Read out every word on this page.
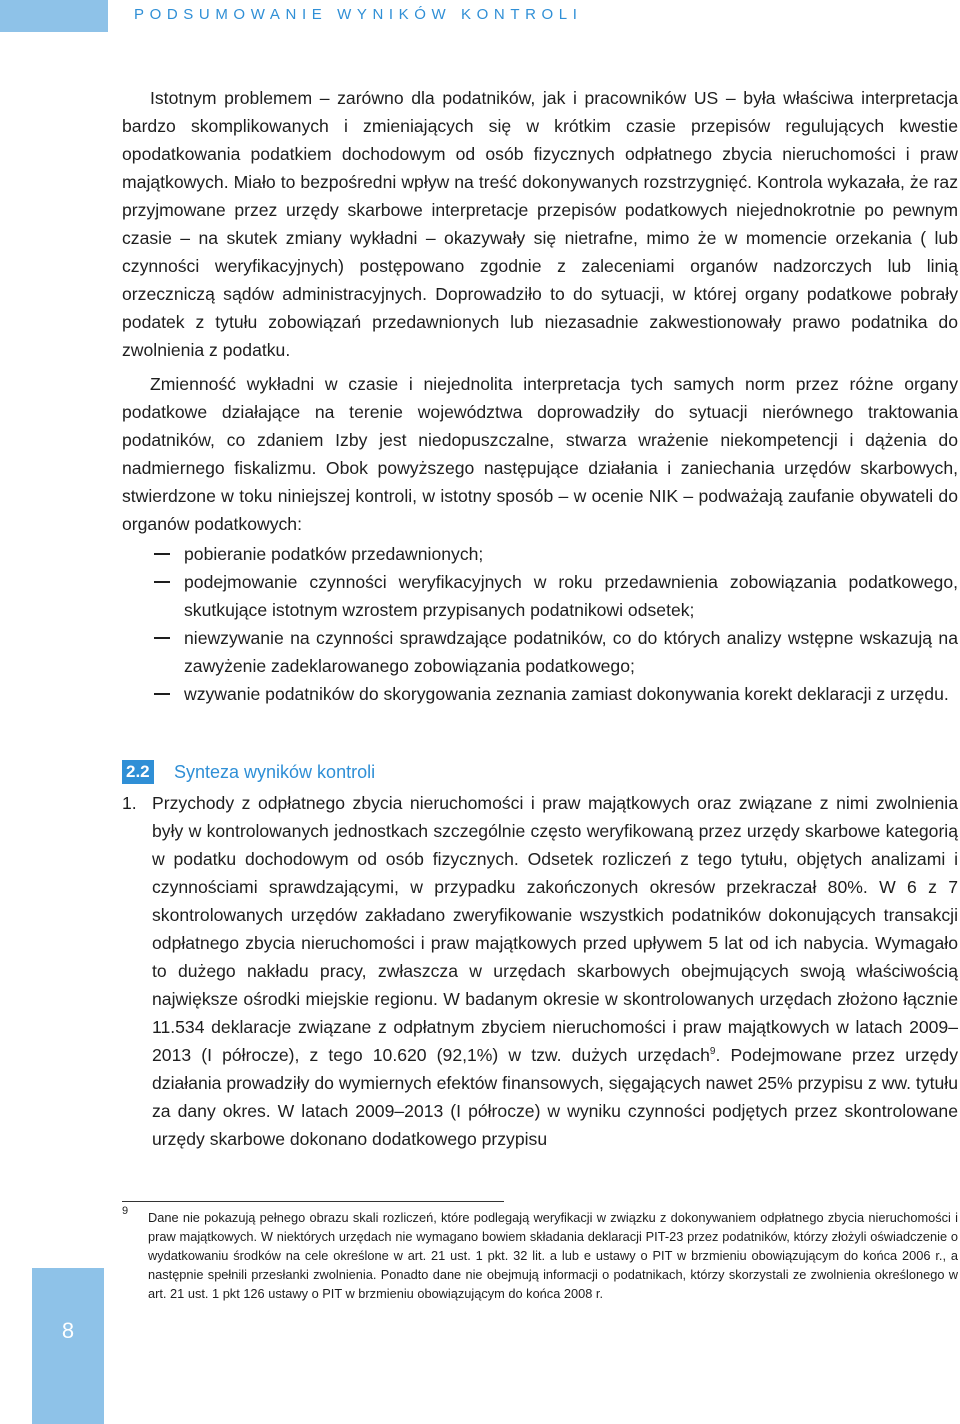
PODSUMOWANIE WYNIKÓW KONTROLI

Istotnym problemem – zarówno dla podatników, jak i pracowników US – była właściwa interpretacja bardzo skomplikowanych i zmieniających się w krótkim czasie przepisów regulujących kwestie opodatkowania podatkiem dochodowym od osób fizycznych odpłatnego zbycia nieruchomości i praw majątkowych. Miało to bezpośredni wpływ na treść dokonywanych rozstrzygnięć. Kontrola wykazała, że raz przyjmowane przez urzędy skarbowe interpretacje przepisów podatkowych niejednokrotnie po pewnym czasie – na skutek zmiany wykładni – okazywały się nietrafne, mimo że w momencie orzekania ( lub czynności weryfikacyjnych) postępowano zgodnie z zaleceniami organów nadzorczych lub linią orzeczniczą sądów administracyjnych. Doprowadziło to do sytuacji, w której organy podatkowe pobrały podatek z tytułu zobowiązań przedawnionych lub niezasadnie zakwestionowały prawo podatnika do zwolnienia z podatku.

Zmienność wykładni w czasie i niejednolita interpretacja tych samych norm przez różne organy podatkowe działające na terenie województwa doprowadziły do sytuacji nierównego traktowania podatników, co zdaniem Izby jest niedopuszczalne, stwarza wrażenie niekompetencji i dążenia do nadmiernego fiskalizmu. Obok powyższego następujące działania i zaniechania urzędów skarbowych, stwierdzone w toku niniejszej kontroli, w istotny sposób – w ocenie NIK – podważają zaufanie obywateli do organów podatkowych:

pobieranie podatków przedawnionych;
podejmowanie czynności weryfikacyjnych w roku przedawnienia zobowiązania podatkowego, skutkujące istotnym wzrostem przypisanych podatnikowi odsetek;
niewzywanie na czynności sprawdzające podatników, co do których analizy wstępne wskazują na zawyżenie zadeklarowanego zobowiązania podatkowego;
wzywanie podatników do skorygowania zeznania zamiast dokonywania korekt deklaracji z urzędu.
2.2 Synteza wyników kontroli
1. Przychody z odpłatnego zbycia nieruchomości i praw majątkowych oraz związane z nimi zwolnienia były w kontrolowanych jednostkach szczególnie często weryfikowaną przez urzędy skarbowe kategorią w podatku dochodowym od osób fizycznych. Odsetek rozliczeń z tego tytułu, objętych analizami i czynnościami sprawdzającymi, w przypadku zakończonych okresów przekraczał 80%. W 6 z 7 skontrolowanych urzędów zakładano zweryfikowanie wszystkich podatników dokonujących transakcji odpłatnego zbycia nieruchomości i praw majątkowych przed upływem 5 lat od ich nabycia. Wymagało to dużego nakładu pracy, zwłaszcza w urzędach skarbowych obejmujących swoją właściwością największe ośrodki miejskie regionu. W badanym okresie w skontrolowanych urzędach złożono łącznie 11.534 deklaracje związane z odpłatnym zbyciem nieruchomości i praw majątkowych w latach 2009–2013 (I półrocze), z tego 10.620 (92,1%) w tzw. dużych urzędach$^9$. Podejmowane przez urzędy działania prowadziły do wymiernych efektów finansowych, sięgających nawet 25% przypisu z ww. tytułu za dany okres. W latach 2009–2013 (I półrocze) w wyniku czynności podjętych przez skontrolowane urzędy skarbowe dokonano dodatkowego przypisu

9 Dane nie pokazują pełnego obrazu skali rozliczeń, które podlegają weryfikacji w związku z dokonywaniem odpłatnego zbycia nieruchomości i praw majątkowych. W niektórych urzędach nie wymagano bowiem składania deklaracji PIT-23 przez podatników, którzy złożyli oświadczenie o wydatkowaniu środków na cele określone w art. 21 ust. 1 pkt. 32 lit. a lub e ustawy o PIT w brzmieniu obowiązującym do końca 2006 r., a następnie spełnili przesłanki zwolnienia. Ponadto dane nie obejmują informacji o podatnikach, którzy skorzystali ze zwolnienia określonego w art. 21 ust. 1 pkt 126 ustawy o PIT w brzmieniu obowiązującym do końca 2008 r.

8
